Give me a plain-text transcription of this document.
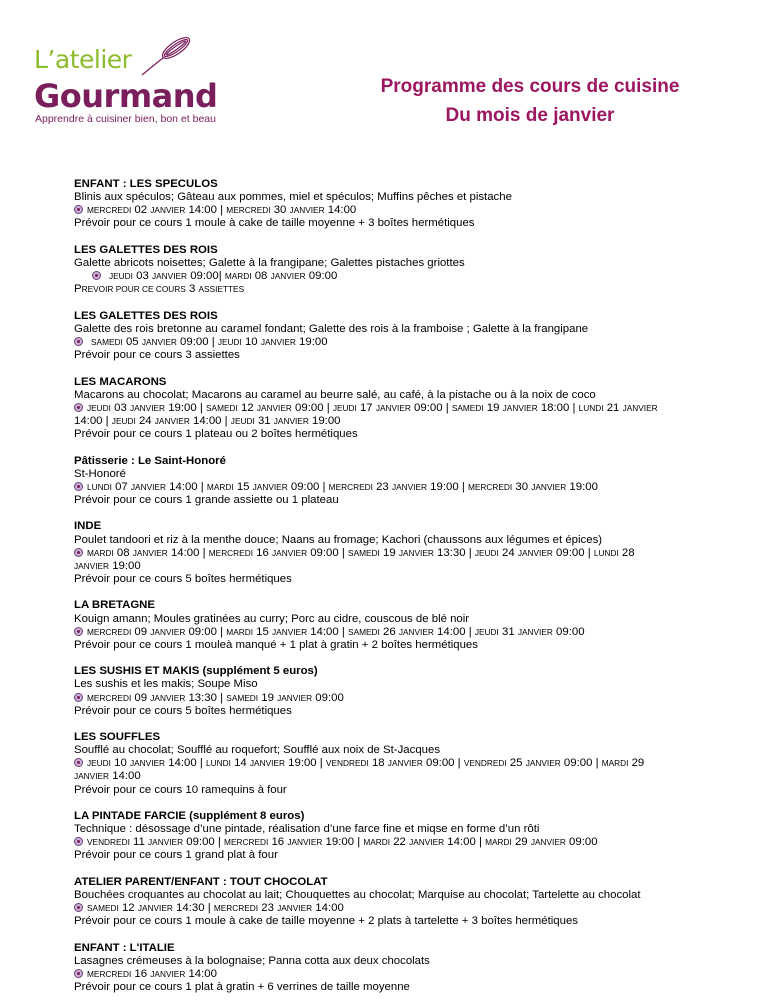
L’atelier
Gourmand
Apprendre à cuisiner bien, bon et beau
Programme des cours de cuisine
Du mois de janvier
ENFANT : LES SPECULOS
Blinis aux spéculos; Gâteau aux pommes, miel et spéculos; Muffins pêches et pistache
MERCREDI 02 JANVIER 14:00 | MERCREDI 30 JANVIER 14:00
Prévoir pour ce cours 1 moule à cake de taille moyenne + 3 boîtes hermétiques
LES GALETTES DES ROIS
Galette abricots noisettes; Galette à la frangipane; Galettes pistaches griottes
JEUDI 03 JANVIER 09:00| MARDI 08 JANVIER 09:00
PREVOIR POUR CE COURS 3 ASSIETTES
LES GALETTES DES ROIS
Galette des rois bretonne au caramel fondant; Galette des rois à la framboise ; Galette à la frangipane
SAMEDI 05 JANVIER 09:00 | JEUDI 10 JANVIER 19:00
Prévoir pour ce cours 3 assiettes
LES MACARONS
Macarons au chocolat; Macarons au caramel au beurre salé, au café, à la pistache ou à la noix de coco
JEUDI 03 JANVIER 19:00 | SAMEDI 12 JANVIER 09:00 | JEUDI 17 JANVIER 09:00 | SAMEDI 19 JANVIER 18:00 | LUNDI 21 JANVIER
14:00 | JEUDI 24 JANVIER 14:00 | JEUDI 31 JANVIER 19:00
Prévoir pour ce cours 1 plateau ou 2 boîtes hermétiques
Pâtisserie : Le Saint-Honoré
St-Honoré
LUNDI 07 JANVIER 14:00 | MARDI 15 JANVIER 09:00 | MERCREDI 23 JANVIER 19:00 | MERCREDI 30 JANVIER 19:00
Prévoir pour ce cours 1 grande assiette ou 1 plateau
INDE
Poulet tandoori et riz à la menthe douce; Naans au fromage; Kachori (chaussons aux légumes et épices)
MARDI 08 JANVIER 14:00 | MERCREDI 16 JANVIER 09:00 | SAMEDI 19 JANVIER 13:30 | JEUDI 24 JANVIER 09:00 | LUNDI 28
JANVIER 19:00
Prévoir pour ce cours 5 boîtes hermétiques
LA BRETAGNE
Kouign amann; Moules gratinées au curry; Porc au cidre, couscous de blé noir
MERCREDI 09 JANVIER 09:00 | MARDI 15 JANVIER 14:00 | SAMEDI 26 JANVIER 14:00 | JEUDI 31 JANVIER 09:00
Prévoir pour ce cours 1 mouleà manqué + 1 plat à gratin + 2 boîtes hermétiques
LES SUSHIS ET MAKIS (supplément 5 euros)
Les sushis et les makis; Soupe Miso
MERCREDI 09 JANVIER 13:30 | SAMEDI 19 JANVIER 09:00
Prévoir pour ce cours 5 boîtes hermétiques
LES SOUFFLES
Soufflé au chocolat; Soufflé au roquefort; Soufflé aux noix de St-Jacques
JEUDI 10 JANVIER 14:00 | LUNDI 14 JANVIER 19:00 | VENDREDI 18 JANVIER 09:00 | VENDREDI 25 JANVIER 09:00 | MARDI 29
JANVIER 14:00
Prévoir pour ce cours 10 ramequins à four
LA PINTADE FARCIE (supplément 8 euros)
Technique : désossage d’une pintade, réalisation d’une farce fine et miqse en forme d’un rôti
VENDREDI 11 JANVIER 09:00 | MERCREDI 16 JANVIER 19:00 | MARDI 22 JANVIER 14:00 | MARDI 29 JANVIER 09:00
Prévoir pour ce cours 1 grand plat à four
ATELIER PARENT/ENFANT : TOUT CHOCOLAT
Bouchées croquantes au chocolat au lait; Chouquettes au chocolat; Marquise au chocolat; Tartelette au chocolat
SAMEDI 12 JANVIER 14:30 | MERCREDI 23 JANVIER 14:00
Prévoir pour ce cours 1 moule à cake de taille moyenne + 2 plats à tartelette + 3 boîtes hermétiques
ENFANT : L'ITALIE
Lasagnes crémeuses à la bolognaise; Panna cotta aux deux chocolats
MERCREDI 16 JANVIER 14:00
Prévoir pour ce cours 1 plat à gratin + 6 verrines de taille moyenne
